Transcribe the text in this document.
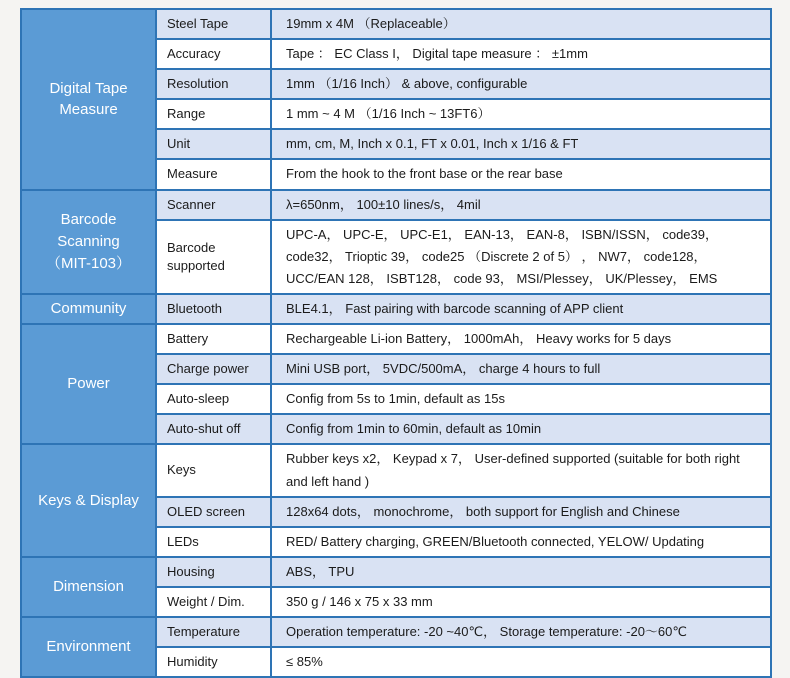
Digital Tape Measure	Steel Tape	19mm x 4M （Replaceable）
	Accuracy	Tape ： EC Class I， Digital tape measure ： ±1mm
	Resolution	1mm （1/16 Inch） & above, configurable
	Range	1 mm ~ 4 M （1/16 Inch ~ 13FT6）
	Unit	mm, cm, M, Inch x 0.1, FT x 0.01, Inch x 1/16 & FT
	Measure	From the hook to the front base or the rear base
Barcode Scanning （MIT-103）	Scanner	λ=650nm， 100±10 lines/s， 4mil
	Barcode supported	UPC-A， UPC-E， UPC-E1， EAN-13， EAN-8， ISBN/ISSN， code39， code32， Trioptic 39， code25 （Discrete 2 of 5） ， NW7， code128， UCC/EAN 128， ISBT128， code 93， MSI/Plessey， UK/Plessey， EMS
Community	Bluetooth	BLE4.1， Fast pairing with barcode scanning of APP client
Power	Battery	Rechargeable Li-ion Battery， 1000mAh， Heavy works for 5 days
	Charge power	Mini USB port， 5VDC/500mA， charge 4 hours to full
	Auto-sleep	Config from 5s to 1min, default as 15s
	Auto-shut off	Config from 1min to 60min, default as 10min
Keys & Display	Keys	Rubber keys x2， Keypad x 7， User-defined supported (suitable for both right and left hand )
	OLED screen	128x64 dots， monochrome， both support for English and Chinese
	LEDs	RED/ Battery charging, GREEN/Bluetooth connected, YELOW/ Updating
Dimension	Housing	ABS， TPU
	Weight / Dim.	350 g / 146 x 75 x 33 mm
Environment	Temperature	Operation temperature: -20 ~40℃， Storage temperature: -20～60℃
	Humidity	≤ 85%
